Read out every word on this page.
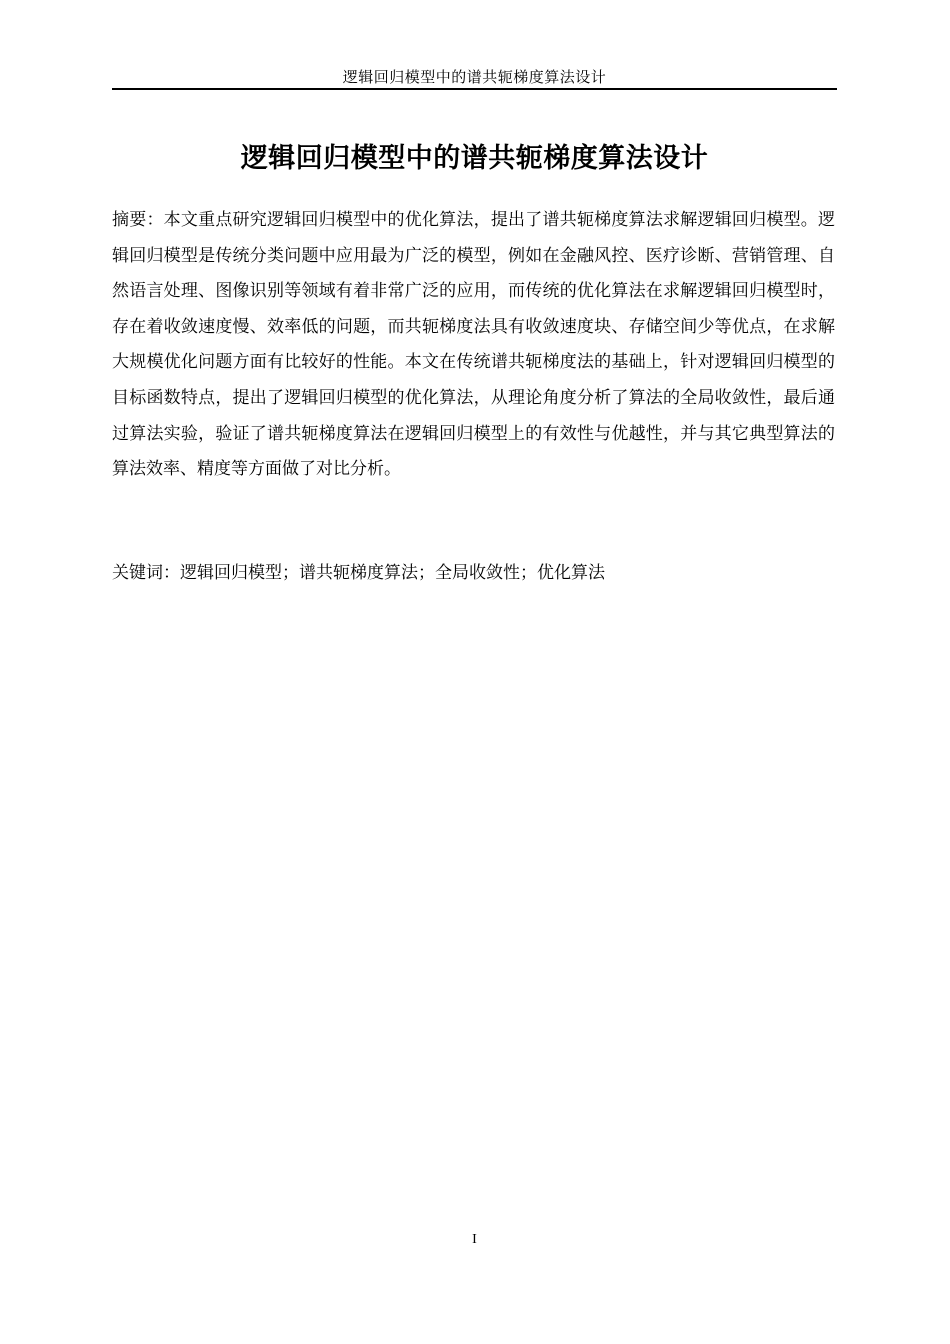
逻辑回归模型中的谱共轭梯度算法设计
逻辑回归模型中的谱共轭梯度算法设计
摘要：本文重点研究逻辑回归模型中的优化算法，提出了谱共轭梯度算法求解逻辑回归模型。逻辑回归模型是传统分类问题中应用最为广泛的模型，例如在金融风控、医疗诊断、营销管理、自然语言处理、图像识别等领域有着非常广泛的应用，而传统的优化算法在求解逻辑回归模型时，存在着收敛速度慢、效率低的问题，而共轭梯度法具有收敛速度块、存储空间少等优点，在求解大规模优化问题方面有比较好的性能。本文在传统谱共轭梯度法的基础上，针对逻辑回归模型的目标函数特点，提出了逻辑回归模型的优化算法，从理论角度分析了算法的全局收敛性，最后通过算法实验，验证了谱共轭梯度算法在逻辑回归模型上的有效性与优越性，并与其它典型算法的算法效率、精度等方面做了对比分析。
关键词：逻辑回归模型；谱共轭梯度算法；全局收敛性；优化算法
I
